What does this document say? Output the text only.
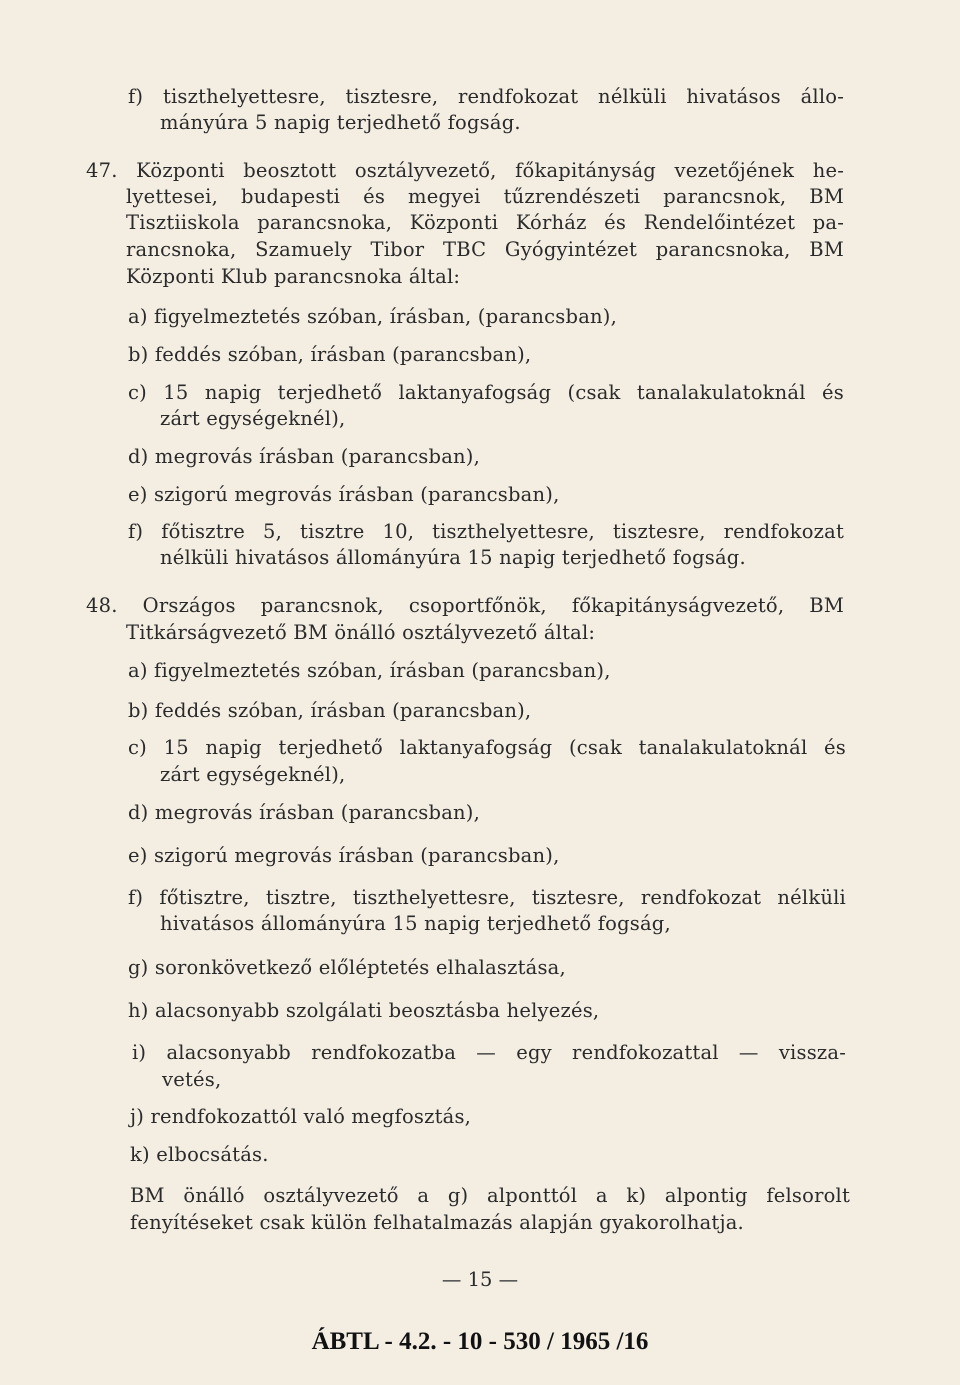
f) tiszthelyettesre, tisztesre, rendfokozat nélküli hivatásos állo-
mányúra 5 napig terjedhető fogság.
47. Központi beosztott osztályvezető, főkapitányság vezetőjének he-
lyettesei, budapesti és megyei tűzrendészeti parancsnok, BM
Tisztiiskola parancsnoka, Központi Kórház és Rendelőintézet pa-
rancsnoka, Szamuely Tibor TBC Gyógyintézet parancsnoka, BM
Központi Klub parancsnoka által:
a) figyelmeztetés szóban, írásban, (parancsban),
b) feddés szóban, írásban (parancsban),
c) 15 napig terjedhető laktanyafogság (csak tanalakulatoknál és
zárt egységeknél),
d) megrovás írásban (parancsban),
e) szigorú megrovás írásban (parancsban),
f) főtisztre 5, tisztre 10, tiszthelyettesre, tisztesre, rendfokozat
nélküli hivatásos állományúra 15 napig terjedhető fogság.
48. Országos parancsnok, csoportfőnök, főkapitányságvezető, BM
Titkárságvezető BM önálló osztályvezető által:
a) figyelmeztetés szóban, írásban (parancsban),
b) feddés szóban, írásban (parancsban),
c) 15 napig terjedhető laktanyafogság (csak tanalakulatoknál és
zárt egységeknél),
d) megrovás írásban (parancsban),
e) szigorú megrovás írásban (parancsban),
f) főtisztre, tisztre, tiszthelyettesre, tisztesre, rendfokozat nélküli
hivatásos állományúra 15 napig terjedhető fogság,
g) soronkövetkező előléptetés elhalasztása,
h) alacsonyabb szolgálati beosztásba helyezés,
i) alacsonyabb rendfokozatba — egy rendfokozattal — vissza-
vetés,
j) rendfokozattól való megfosztás,
k) elbocsátás.
BM önálló osztályvezető a g) alponttól a k) alpontig felsorolt
fenyítéseket csak külön felhatalmazás alapján gyakorolhatja.
— 15 —
ÁBTL - 4.2. - 10 - 530 / 1965 /16
